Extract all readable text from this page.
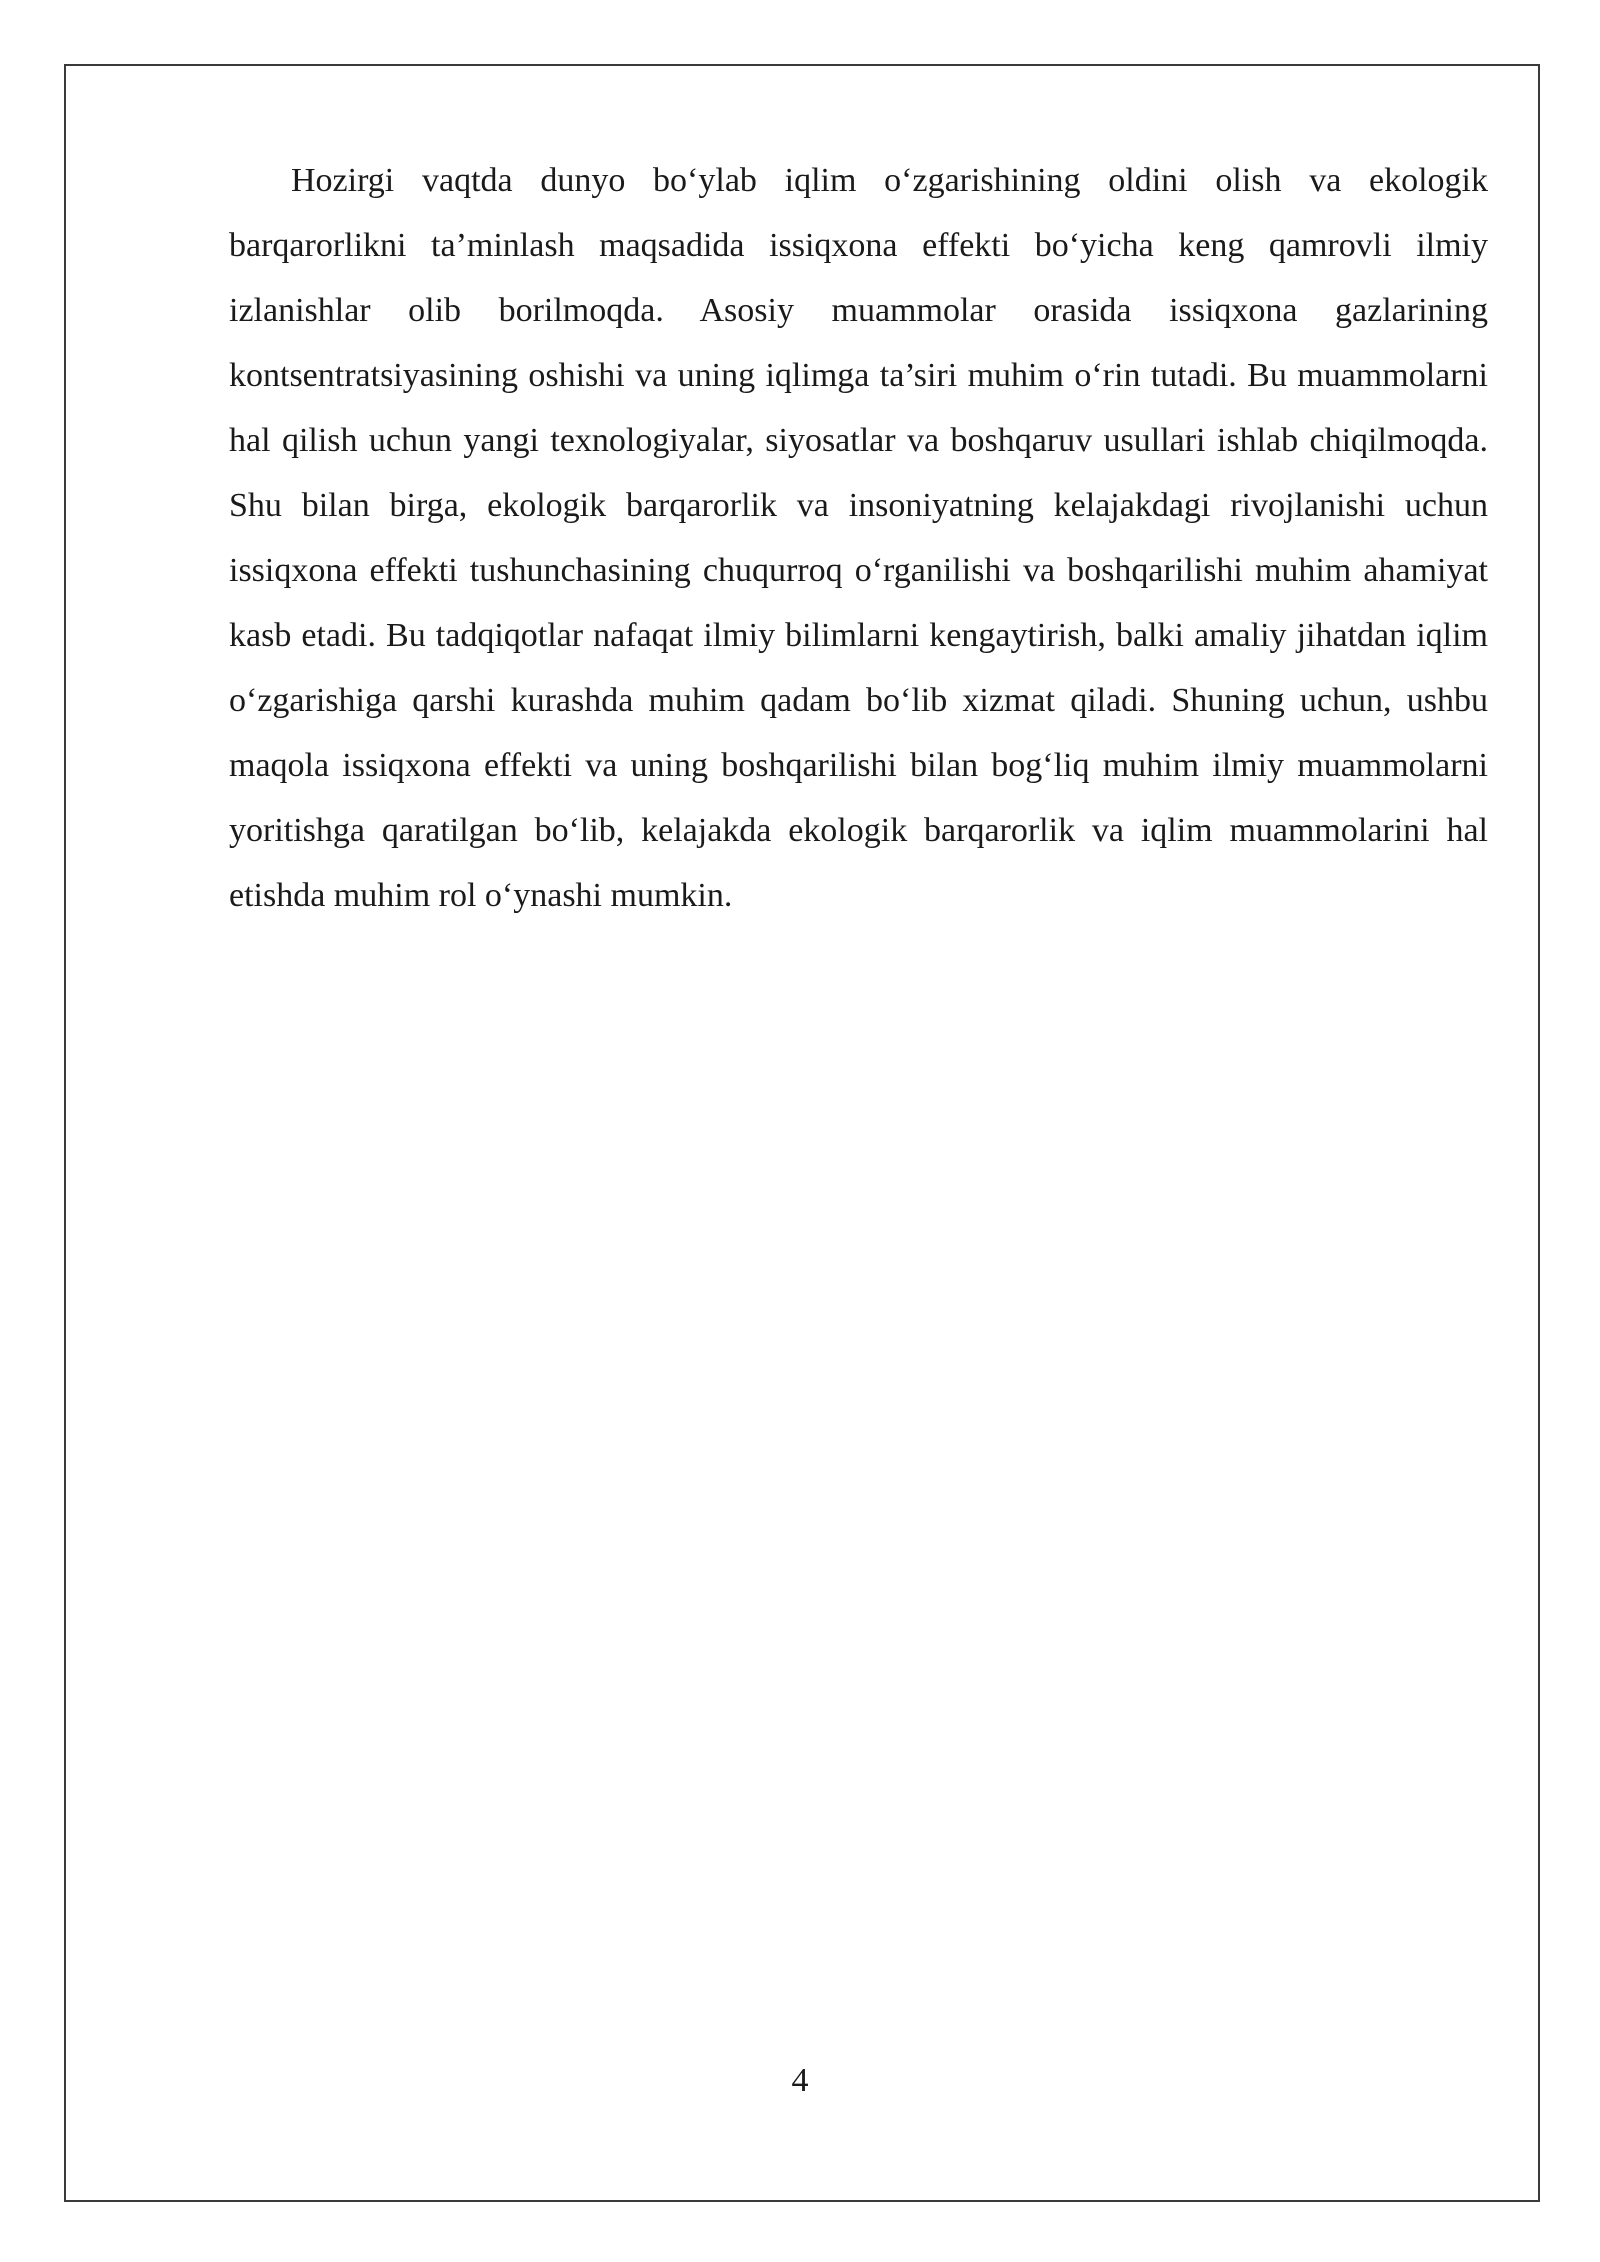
Hozirgi vaqtda dunyo bo‘ylab iqlim o‘zgarishining oldini olish va ekologik barqarorlikni ta’minlash maqsadida issiqxona effekti bo‘yicha keng qamrovli ilmiy izlanishlar olib borilmoqda. Asosiy muammolar orasida issiqxona gazlarining kontsentratsiyasining oshishi va uning iqlimga ta’siri muhim o‘rin tutadi. Bu muammolarni hal qilish uchun yangi texnologiyalar, siyosatlar va boshqaruv usullari ishlab chiqilmoqda. Shu bilan birga, ekologik barqarorlik va insoniyatning kelajakdagi rivojlanishi uchun issiqxona effekti tushunchasining chuqurroq o‘rganilishi va boshqarilishi muhim ahamiyat kasb etadi. Bu tadqiqotlar nafaqat ilmiy bilimlarni kengaytirish, balki amaliy jihatdan iqlim o‘zgarishiga qarshi kurashda muhim qadam bo‘lib xizmat qiladi. Shuning uchun, ushbu maqola issiqxona effekti va uning boshqarilishi bilan bog‘liq muhim ilmiy muammolarni yoritishga qaratilgan bo‘lib, kelajakda ekologik barqarorlik va iqlim muammolarini hal etishda muhim rol o‘ynashi mumkin.

4
